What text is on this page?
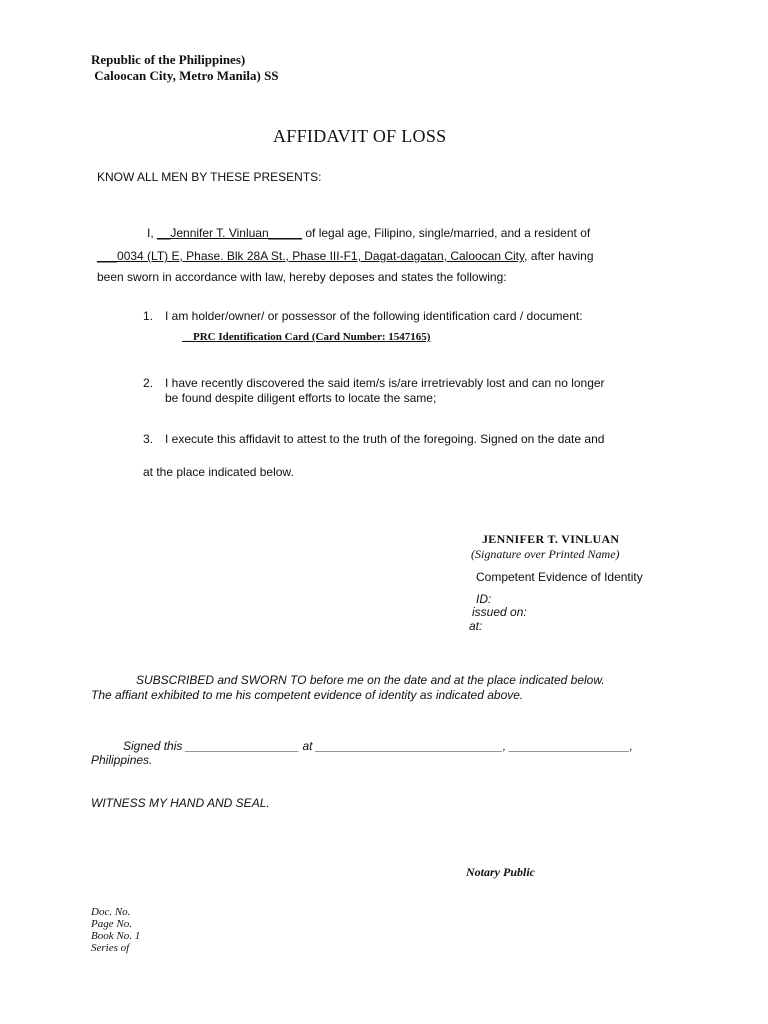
Republic of the Philippines)
Caloocan City, Metro Manila) SS
AFFIDAVIT OF LOSS
KNOW ALL MEN BY THESE PRESENTS:
I, __Jennifer T. Vinluan_____ of legal age, Filipino, single/married, and a resident of
___0034 (LT) E, Phase. Blk 28A St., Phase III-F1, Dagat-dagatan, Caloocan City, after having
been sworn in accordance with law, hereby deposes and states the following:
1. I am holder/owner/ or possessor of the following identification card / document:
__PRC Identification Card (Card Number: 1547165)
2. I have recently discovered the said item/s is/are irretrievably lost and can no longer
be found despite diligent efforts to locate the same;
3. I execute this affidavit to attest to the truth of the foregoing. Signed on the date and
at the place indicated below.
JENNIFER T. VINLUAN
(Signature over Printed Name)
Competent Evidence of Identity
ID:
issued on:
at:
SUBSCRIBED and SWORN TO before me on the date and at the place indicated below.
The affiant exhibited to me his competent evidence of identity as indicated above.
Signed this _________________ at ____________________________, __________________,
Philippines.
WITNESS MY HAND AND SEAL.
Notary Public
Doc. No.
Page No.
Book No. 1
Series of
